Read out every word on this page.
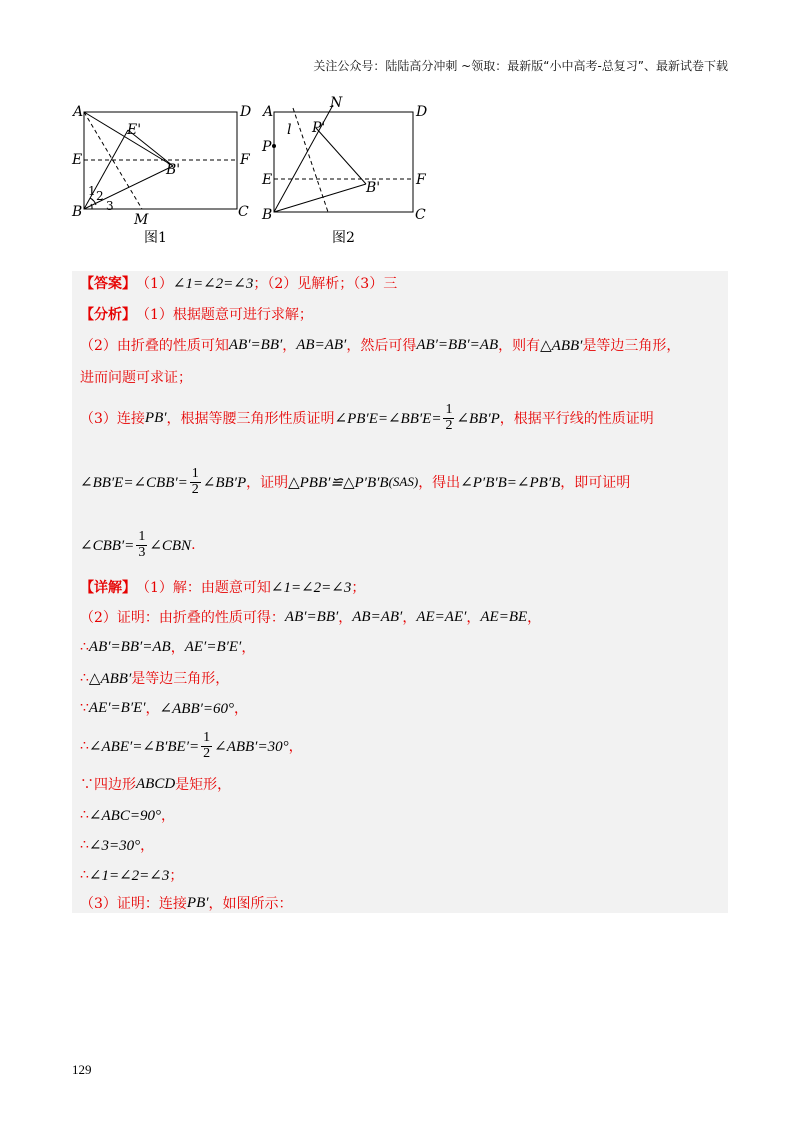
关注公众号：陆陆高分冲刺 ~领取：最新版“小中高考-总复习”、最新试卷下载
A	D
E	F
B	C
M
E'
B'
1 2
3
图1
A
N
D
l P'
P
E	F
B'
B	C
图2
【答案】 （1） ∠1=∠2=∠3 ；（2）见解析；（3）三
【分析】 （1）根据题意可进行求解；
（2）由折叠的性质可知 AB′=BB′ ， AB=AB′ ，然后可得 AB′=BB′=AB ，则有 △ABB′ 是等边三角形，
进而问题可求证；
（3）连接 PB′ ，根据等腰三角形性质证明 ∠PB′E=∠BB′E= $\frac{1}{2}$ ∠BB′P ，根据平行线的性质证明
∠BB′E=∠CBB′= $\frac{1}{2}$ ∠BB′P ，证明 △PBB′≌△P′B′B (SAS) ，得出 ∠P′B′B=∠PB′B ，即可证明
∠CBB′= $\frac{1}{3}$ ∠CBN .
【详解】 （1）解：由题意可知 ∠1=∠2=∠3 ；
（2）证明：由折叠的性质可得： AB′=BB′ ， AB=AB′ ， AE=AE′ ， AE=BE ，
∴ AB′=BB′=AB ， AE′=B′E′ ，
∴ △ABB′ 是等边三角形，
∵ AE′=B′E′ ， ∠ABB′=60° ，
∴ ∠ABE′=∠B′BE′= $\frac{1}{2}$ ∠ABB′=30° ，
∵四边形 ABCD 是矩形，
∴ ∠ABC=90° ，
∴ ∠3=30° ，
∴ ∠1=∠2=∠3 ；
（3）证明：连接 PB′ ，如图所示：
129
